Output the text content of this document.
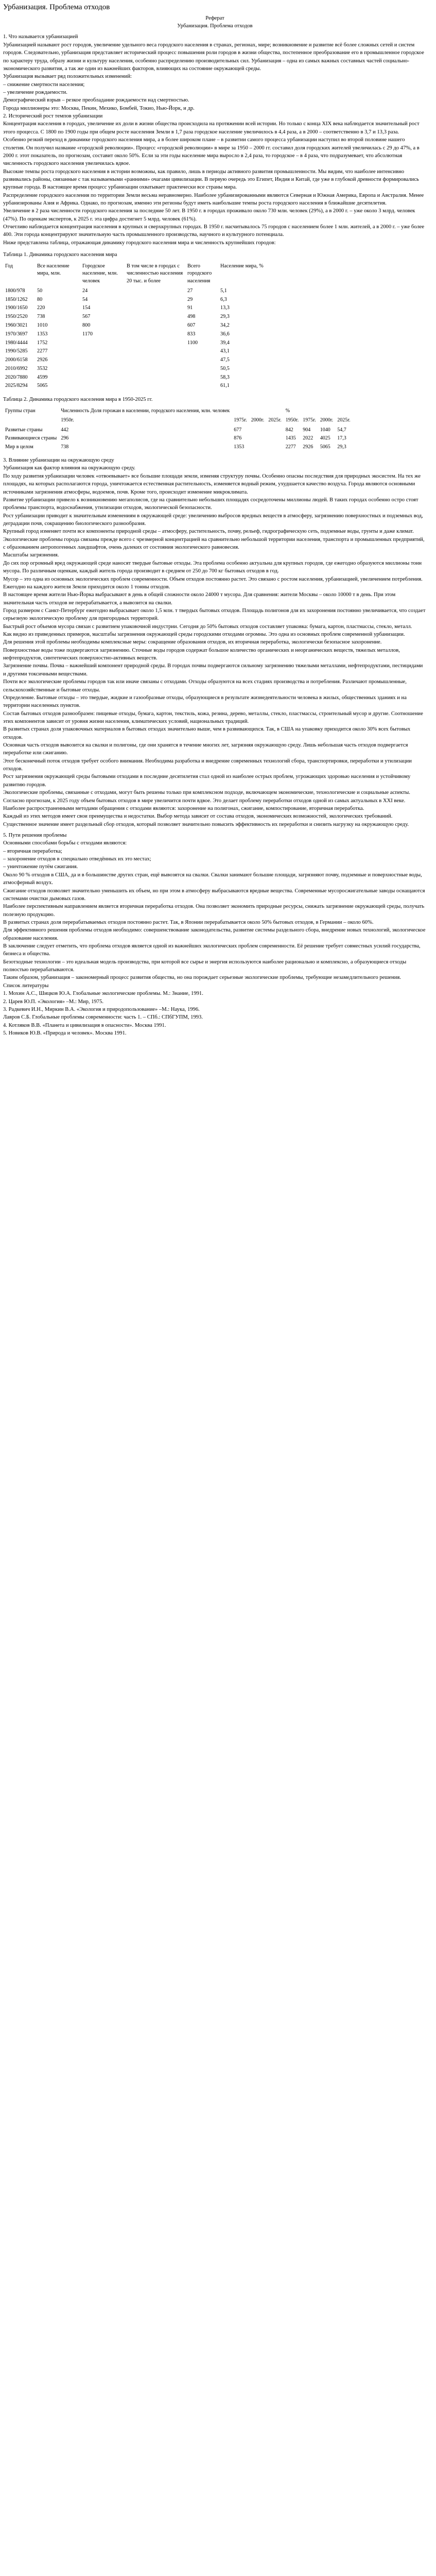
Урбанизация. Проблема отходов

Реферат

Урбанизация. Проблема отходов

1. Что называется урбанизацией

Урбанизацией называют рост городов, увеличение удельного веса городского населения в странах, регионах, мире; возникновение и развитие всё более сложных сетей и систем городов. Следовательно, урбанизация представляет исторический процесс повышения роли городов в жизни общества, постепенное преобразование его в промышленное городское по характеру труда, образу жизни и культуру населения, особенно распределению производительных сил. Урбанизация – одна из самых важных составных частей социально-экономического развития, а так же один из важнейших факторов, влияющих на состояние окружающей среды.

Урбанизация вызывает ряд положительных изменений:

– снижение смертности населения;

– увеличение рождаемости.

Демографический взрыв – резкое преобладание рождаемости над смертностью.

Города миллионеры это: Москва, Пекин, Мехико, Бомбей, Токио, Нью-Йорк, и др.

2. Исторический рост темпов урбанизации

Концентрация населения в городах, увеличение их доли в жизни общества происходила на протяжении всей истории. Но только с конца XIX века наблюдается значительный рост этого процесса. С 1800 по 1900 годы при общем росте населения Земли в 1,7 раза городское население увеличилось в 4,4 раза, а в 2000 – соответственно в 3,7 и 13,3 раза.

Особенно резкий переход в динамике городского населения мира, а в более широком плане – в развитии самого процесса урбанизации наступил во второй половине нашего столетия. Он получил название «городской революции». Процесс «городской революции» в мире за 1950 – 2000 гг. составил доля городских жителей увеличилась с 29 до 47%, а в 2000 г. этот показатель, по прогнозам, составит около 50%. Если за эти годы население мира выросло в 2,4 раза, то городское – в 4 раза, что подразумевает, что абсолютная численность городского населения увеличилась вдвое.

Высокие темпы роста городского населения в истории возможны, как правило, лишь в периоды активного развития промышленности. Мы видим, что наиболее интенсивно развивались районы, связанные с так называемыми «ранними» очагами цивилизации. В первую очередь это Египет, Индия и Китай, где уже в глубокой древности формировались крупные города. В настоящее время процесс урбанизации охватывает практически все страны мира.

Распределение городского населения по территории Земли весьма неравномерно. Наиболее урбанизированными являются Северная и Южная Америка, Европа и Австралия. Менее урбанизированы Азия и Африка. Однако, по прогнозам, именно эти регионы будут иметь наибольшие темпы роста городского населения в ближайшие десятилетия.

Увеличение в 2 раза численности городского населения за последние 50 лет. В 1950 г. в городах проживало около 730 млн. человек (29%), а в 2000 г. – уже около 3 млрд. человек (47%). По оценкам экспертов, к 2025 г. эта цифра достигнет 5 млрд. человек (61%).

Отчетливо наблюдается концентрация населения в крупных и сверхкрупных городах. В 1950 г. насчитывалось 75 городов с населением более 1 млн. жителей, а в 2000 г. – уже более 400. Эти города концентрируют значительную часть промышленного производства, научного и культурного потенциала.

Ниже представлена таблица, отражающая динамику городского населения мира и численность крупнейших городов:

Таблица 1. Динамика городского населения мира

Год	Все население мира, млн.	Городское население, млн. человек	В том числе в городах с численностью населения 20 тыс. и более	Всего городского населения	Население мира, %
1800/978	50	24		27	5,1
1850/1262	80	54		29	6,3
1900/1650	220	154		91	13,3
1950/2520	738	567		498	29,3
1960/3021	1010	800		607	34,2
1970/3697	1353	1170		833	36,6
1980/4444	1752			1100	39,4
1990/5285	2277				43,1
2000/6158	2926				47,5
2010/6992	3532				50,5
2020/7880	4599				58,3
2025/8294	5065				61,1

Таблица 2. Динамика городского населения мира в 1950-2025 гг.

Группы стран	Численность Доля горожан в населении, городского населения, млн. человек				%			
	1950г.	1975г.	2000г.	2025г.	1950г.	1975г.	2000г.	2025г.
Развитые страны	442	677			842	904	1040	54,7
Развивающиеся страны	296	876			1435	2022	4025	17,3
Мир в целом	738	1353			2277	2926	5065	29,3

3. Влияние урбанизации на окружающую среду

Урбанизация как фактор влияния на окружающую среду.

По ходу развития урбанизации человек «отвоевывает» все большие площади земли, изменяя структуру почвы. Особенно опасны последствия для природных экосистем. На тех же площадях, на которых располагаются города, уничтожается естественная растительность, изменяется водный режим, ухудшается качество воздуха. Города являются основными источниками загрязнения атмосферы, водоемов, почв. Кроме того, происходит изменение микроклимата.

Развитие урбанизации привело к возникновению мегаполисов, где на сравнительно небольших площадях сосредоточены миллионы людей. В таких городах особенно остро стоят проблемы транспорта, водоснабжения, утилизации отходов, экологической безопасности.

Рост урбанизации приводит к значительным изменениям в окружающей среде: увеличению выбросов вредных веществ в атмосферу, загрязнению поверхностных и подземных вод, деградации почв, сокращению биологического разнообразия.

Крупный город изменяет почти все компоненты природной среды – атмосферу, растительность, почву, рельеф, гидрографическую сеть, подземные воды, грунты и даже климат.

Экологические проблемы города связаны прежде всего с чрезмерной концентрацией на сравнительно небольшой территории населения, транспорта и промышленных предприятий, с образованием антропогенных ландшафтов, очень далеких от состояния экологического равновесия.

Масштабы загрязнения.

До сих пор огромный вред окружающей среде наносят твердые бытовые отходы. Эта проблема особенно актуальна для крупных городов, где ежегодно образуются миллионы тонн мусора. По различным оценкам, каждый житель города производит в среднем от 250 до 700 кг бытовых отходов в год.

Мусор – это одна из основных экологических проблем современности. Объем отходов постоянно растет. Это связано с ростом населения, урбанизацией, увеличением потребления. Ежегодно на каждого жителя Земли приходится около 1 тонны отходов.

В настоящее время жители Нью-Йорка выбрасывают в день в общей сложности около 24000 т мусора. Для сравнения: жители Москвы – около 10000 т в день. При этом значительная часть отходов не перерабатывается, а вывозится на свалки.

Город размером с Санкт-Петербург ежегодно выбрасывает около 1,5 млн. т твердых бытовых отходов. Площадь полигонов для их захоронения постоянно увеличивается, что создает серьезную экологическую проблему для пригородных территорий.

Быстрый рост объемов мусора связан с развитием упаковочной индустрии. Сегодня до 50% бытовых отходов составляет упаковка: бумага, картон, пластмассы, стекло, металл.

Как видно из приведенных примеров, масштабы загрязнения окружающей среды городскими отходами огромны. Это одна из основных проблем современной урбанизации.

Для решения этой проблемы необходимы комплексные меры: сокращение образования отходов, их вторичная переработка, экологически безопасное захоронение.

Поверхностные воды тоже подвергаются загрязнению. Сточные воды городов содержат большое количество органических и неорганических веществ, тяжелых металлов, нефтепродуктов, синтетических поверхностно-активных веществ.

Загрязнение почвы. Почва – важнейший компонент природной среды. В городах почвы подвергаются сильному загрязнению тяжелыми металлами, нефтепродуктами, пестицидами и другими токсичными веществами.

Почти все экологические проблемы городов так или иначе связаны с отходами. Отходы образуются на всех стадиях производства и потребления. Различают промышленные, сельскохозяйственные и бытовые отходы.

Определение. Бытовые отходы – это твердые, жидкие и газообразные отходы, образующиеся в результате жизнедеятельности человека в жилых, общественных зданиях и на территории населенных пунктов.

Состав бытовых отходов разнообразен: пищевые отходы, бумага, картон, текстиль, кожа, резина, дерево, металлы, стекло, пластмассы, строительный мусор и другие. Соотношение этих компонентов зависит от уровня жизни населения, климатических условий, национальных традиций.

В развитых странах доля упаковочных материалов в бытовых отходах значительно выше, чем в развивающихся. Так, в США на упаковку приходится около 30% всех бытовых отходов.

Основная часть отходов вывозится на свалки и полигоны, где они хранятся в течение многих лет, загрязняя окружающую среду. Лишь небольшая часть отходов подвергается переработке или сжиганию.

Этот бесконечный поток отходов требует особого внимания. Необходима разработка и внедрение современных технологий сбора, транспортировки, переработки и утилизации отходов.

Рост загрязнения окружающей среды бытовыми отходами в последние десятилетия стал одной из наиболее острых проблем, угрожающих здоровью населения и устойчивому развитию городов.

Экологические проблемы, связанные с отходами, могут быть решены только при комплексном подходе, включающем экономические, технологические и социальные аспекты.

Согласно прогнозам, к 2025 году объем бытовых отходов в мире увеличится почти вдвое. Это делает проблему переработки отходов одной из самых актуальных в XXI веке.

Наиболее распространенными методами обращения с отходами являются: захоронение на полигонах, сжигание, компостирование, вторичная переработка.

Каждый из этих методов имеет свои преимущества и недостатки. Выбор метода зависит от состава отходов, экономических возможностей, экологических требований.

Существенное значение имеет раздельный сбор отходов, который позволяет значительно повысить эффективность их переработки и снизить нагрузку на окружающую среду.

5. Пути решения проблемы

Основными способами борьбы с отходами являются:

– вторичная переработка;

– захоронение отходов в специально отведённых их это местах;

– уничтожение путём сжигания.

Около 90 % отходов в США, да и в большинстве других стран, ещё вывозятся на свалки. Свалки занимают большие площади, загрязняют почву, подземные и поверхностные воды, атмосферный воздух.

Сжигание отходов позволяет значительно уменьшить их объем, но при этом в атмосферу выбрасываются вредные вещества. Современные мусоросжигательные заводы оснащаются системами очистки дымовых газов.

Наиболее перспективным направлением является вторичная переработка отходов. Она позволяет экономить природные ресурсы, снижать загрязнение окружающей среды, получать полезную продукцию.

В развитых странах доля перерабатываемых отходов постоянно растет. Так, в Японии перерабатывается около 50% бытовых отходов, в Германии – около 60%.

Для эффективного решения проблемы отходов необходимо: совершенствование законодательства, развитие системы раздельного сбора, внедрение новых технологий, экологическое образование населения.

В заключение следует отметить, что проблема отходов является одной из важнейших экологических проблем современности. Её решение требует совместных усилий государства, бизнеса и общества.

Безотходные технологии – это идеальная модель производства, при которой все сырье и энергия используются наиболее рационально и комплексно, а образующиеся отходы полностью перерабатываются.

Таким образом, урбанизация – закономерный процесс развития общества, но она порождает серьезные экологические проблемы, требующие незамедлительного решения.

Список литературы

1. Мохин А.С., Шицков Ю.А. Глобальные экологические проблемы. М.: Знание, 1991.

2. Царев Ю.П. «Экология» –М.: Мир, 1975.

3. Радкевич И.Н., Миркин В.А. «Экология и природопользование» –М.: Наука, 1996.

Лавров С.Б. Глобальные проблемы современности: часть 1. – СПб.: СПбГУПМ, 1993.

4. Котляков В.В. «Планета и цивилизация в опасности». Москва 1991.

5. Новиков Ю.В. «Природа и человек». Москва 1991.
